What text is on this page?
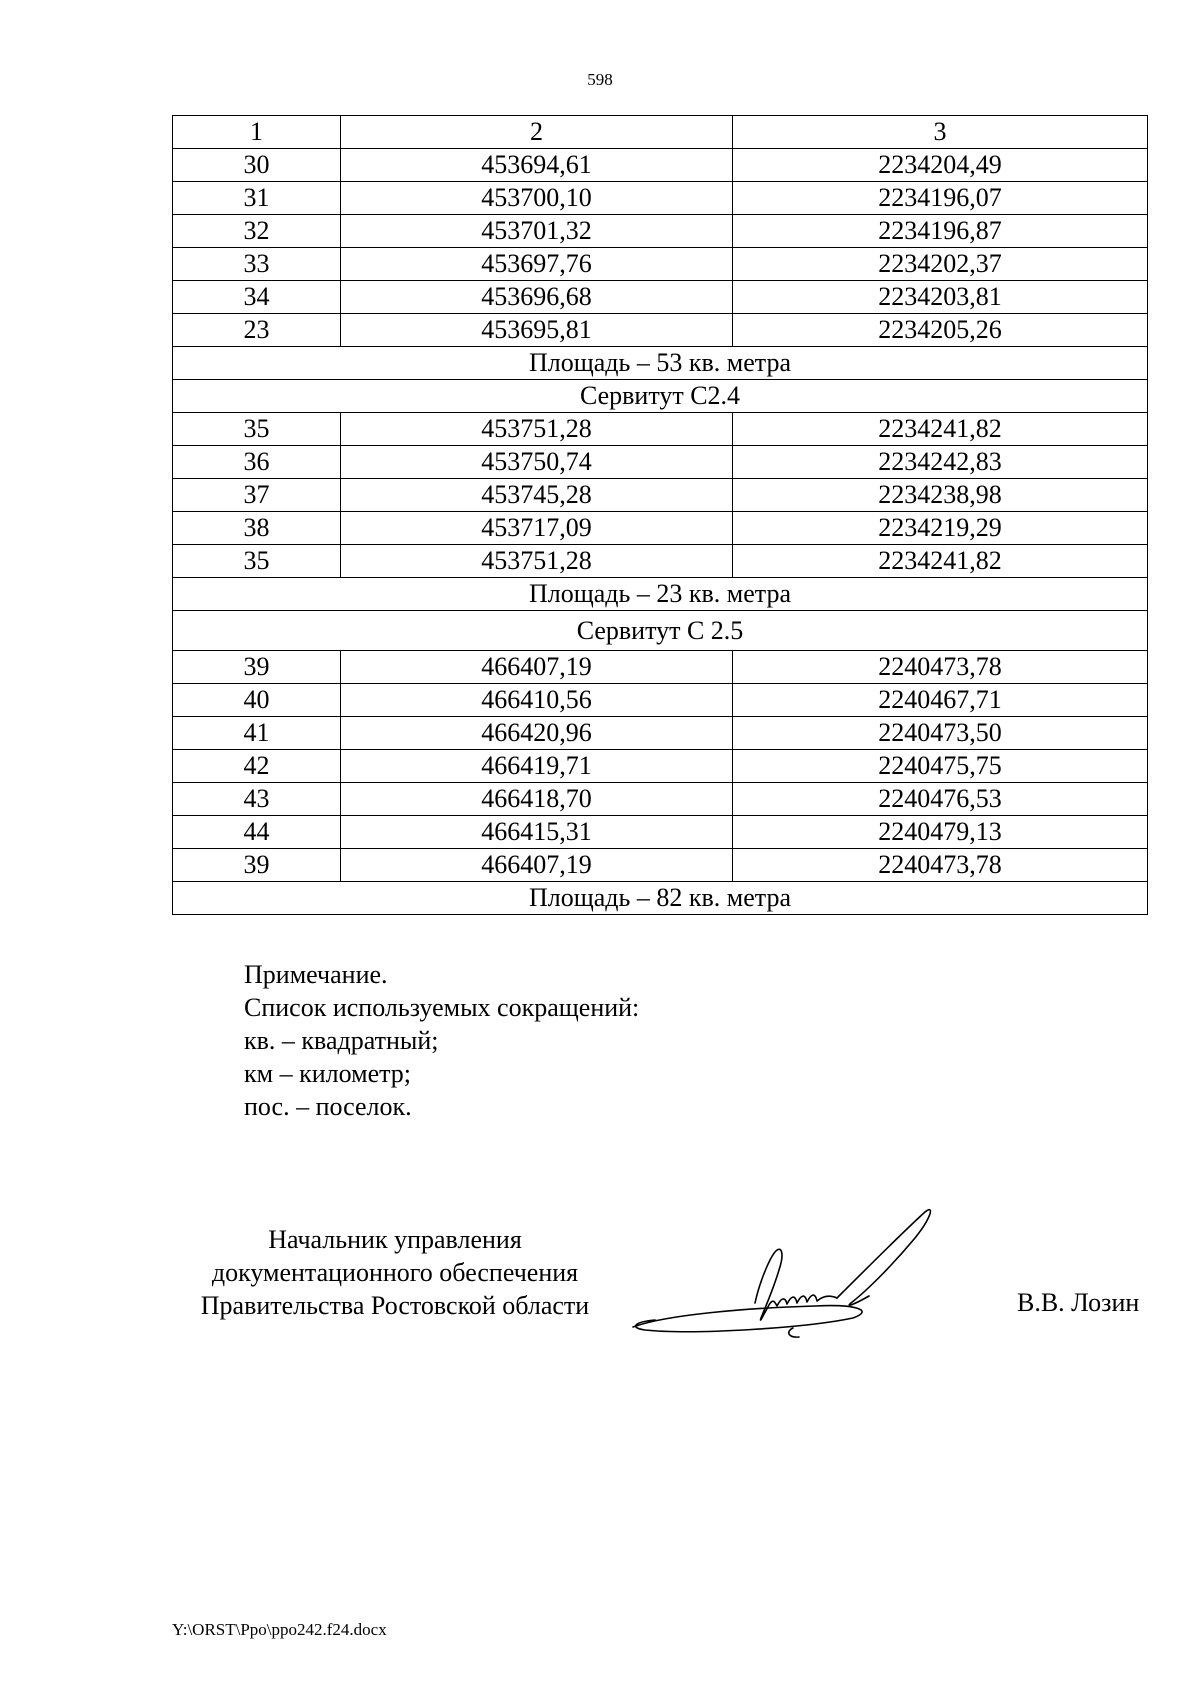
598
1	2	3
30	453694,61	2234204,49
31	453700,10	2234196,07
32	453701,32	2234196,87
33	453697,76	2234202,37
34	453696,68	2234203,81
23	453695,81	2234205,26
Площадь – 53 кв. метра		
Сервитут С2.4		
35	453751,28	2234241,82
36	453750,74	2234242,83
37	453745,28	2234238,98
38	453717,09	2234219,29
35	453751,28	2234241,82
Площадь – 23 кв. метра		
Сервитут С 2.5		
39	466407,19	2240473,78
40	466410,56	2240467,71
41	466420,96	2240473,50
42	466419,71	2240475,75
43	466418,70	2240476,53
44	466415,31	2240479,13
39	466407,19	2240473,78
Площадь – 82 кв. метра		
Примечание.
Список используемых сокращений:
кв. – квадратный;
км – километр;
пос. – поселок.
Начальник управления
документационного обеспечения
Правительства Ростовской области	В.В. Лозин
Y:\ORST\Ppo\ppo242.f24.docx
